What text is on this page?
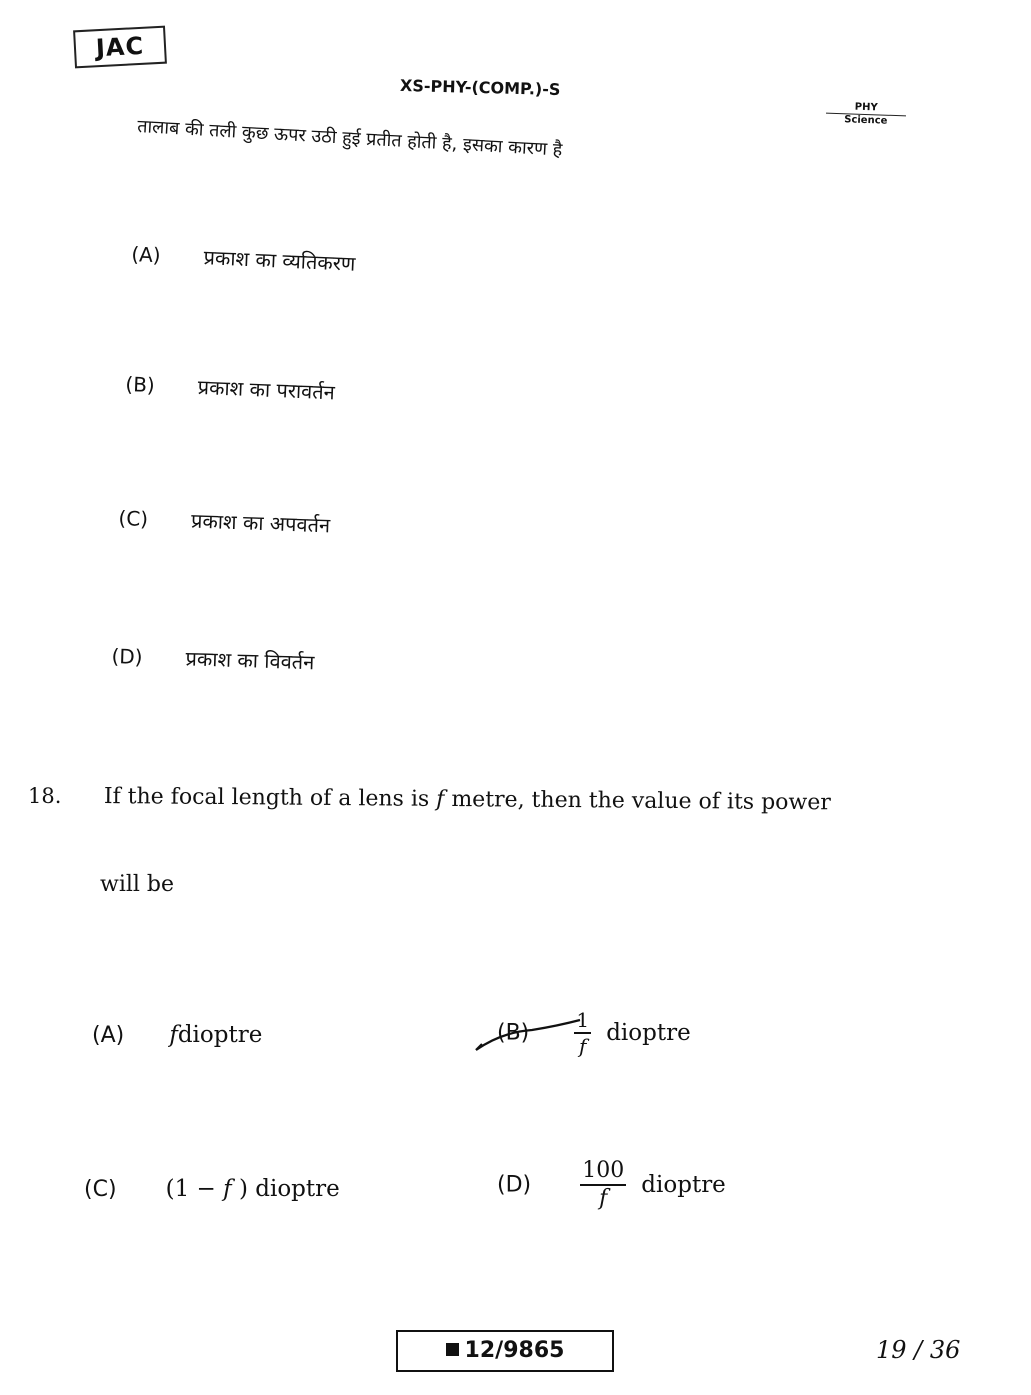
JAC
XS-PHY-(COMP.)-S
PHY
Science
तालाब की तली कुछ ऊपर उठी हुई प्रतीत होती है, इसका कारण है
(A) प्रकाश का व्यतिकरण
(B) प्रकाश का परावर्तन
(C) प्रकाश का अपवर्तन
(D) प्रकाश का विवर्तन
18. If the focal length of a lens is f metre, then the value of its power
will be
(A) fdioptre	$(B) \frac{1}{f}$ dioptre
(C) (1 − f ) dioptre	$(D) \frac{100}{f}$ dioptre
12/9865	19 / 36
